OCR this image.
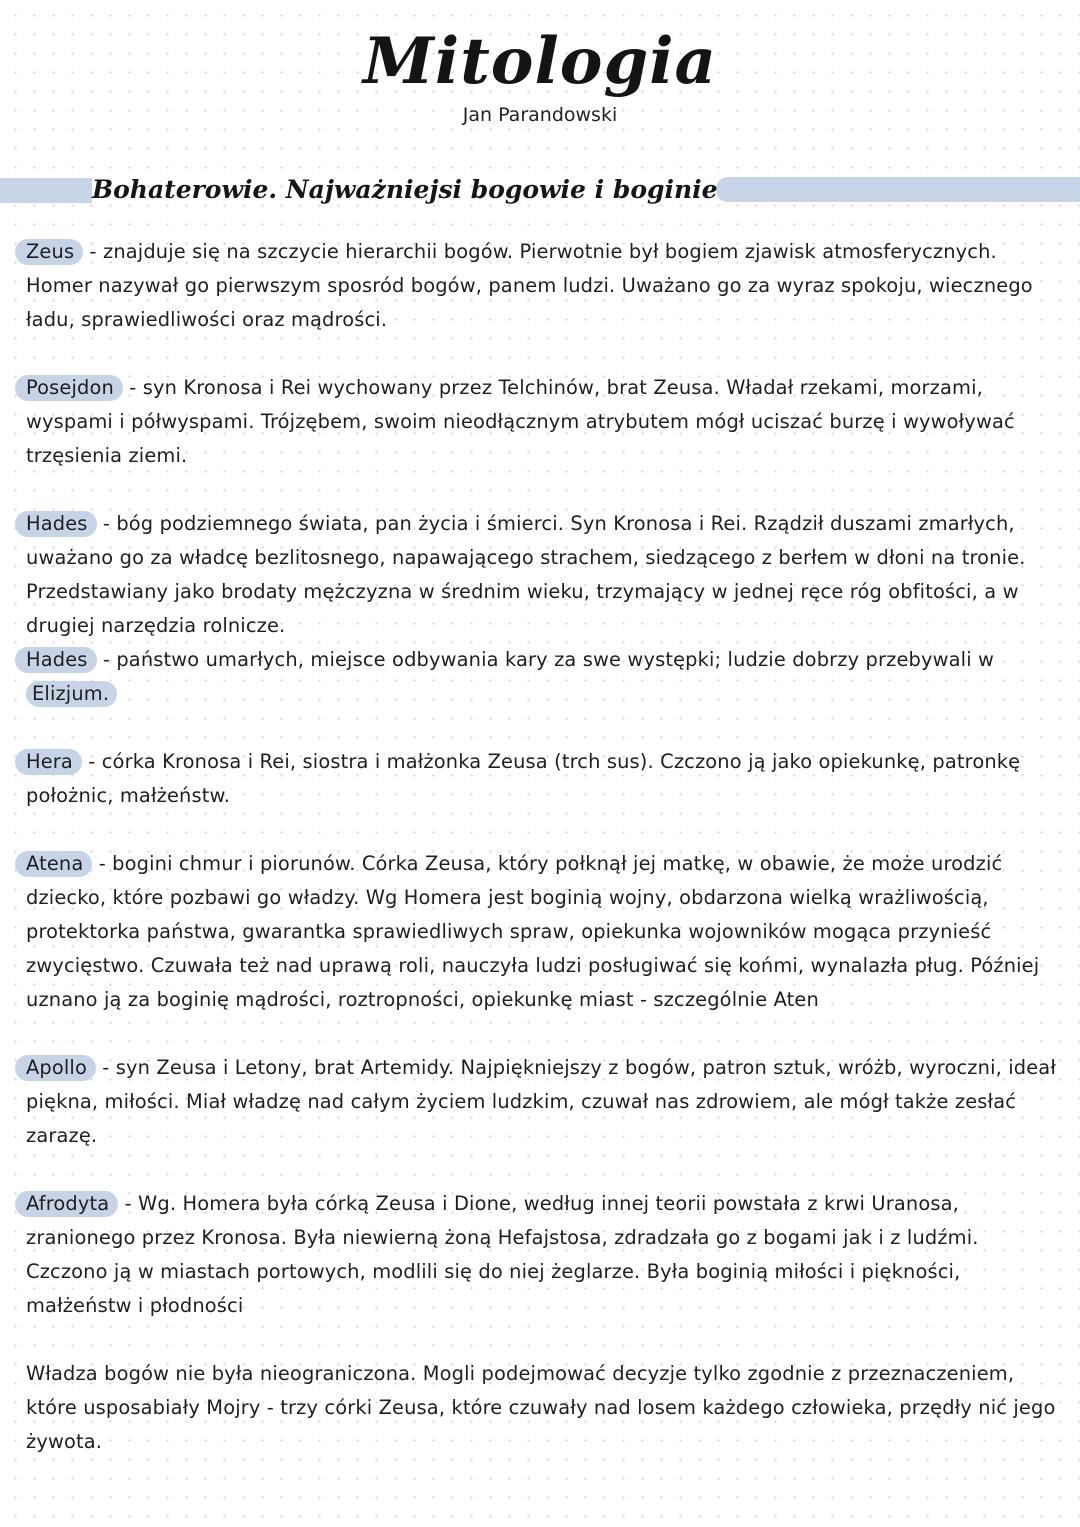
Mitologia
Jan Parandowski
Bohaterowie. Najważniejsi bogowie i boginie
Zeus - znajduje się na szczycie hierarchii bogów. Pierwotnie był bogiem zjawisk atmosferycznych. Homer nazywał go pierwszym sposród bogów, panem ludzi. Uważano go za wyraz spokoju, wiecznego ładu, sprawiedliwości oraz mądrości.
Posejdon - syn Kronosa i Rei wychowany przez Telchinów, brat Zeusa. Władał rzekami, morzami, wyspami i półwyspami. Trójzębem, swoim nieodłącznym atrybutem mógł uciszać burzę i wywoływać trzęsienia ziemi.
Hades - bóg podziemnego świata, pan życia i śmierci. Syn Kronosa i Rei. Rządził duszami zmarłych, uważano go za władcę bezlitosnego, napawającego strachem, siedzącego z berłem w dłoni na tronie. Przedstawiany jako brodaty mężczyzna w średnim wieku, trzymający w jednej ręce róg obfitości, a w drugiej narzędzia rolnicze.
Hades - państwo umarłych, miejsce odbywania kary za swe występki; ludzie dobrzy przebywali w Elizjum.
Hera - córka Kronosa i Rei, siostra i małżonka Zeusa (trch sus). Czczono ją jako opiekunkę, patronkę położnic, małżeństw.
Atena - bogini chmur i piorunów. Córka Zeusa, który połknął jej matkę, w obawie, że może urodzić dziecko, które pozbawi go władzy. Wg Homera jest boginią wojny, obdarzona wielką wrażliwością, protektorka państwa, gwarantka sprawiedliwych spraw, opiekunka wojowników mogąca przynieść zwycięstwo. Czuwała też nad uprawą roli, nauczyła ludzi posługiwać się końmi, wynalazła pług. Później uznano ją za boginię mądrości, roztropności, opiekunkę miast - szczególnie Aten
Apollo - syn Zeusa i Letony, brat Artemidy. Najpiękniejszy z bogów, patron sztuk, wróżb, wyroczni, ideał piękna, miłości. Miał władzę nad całym życiem ludzkim, czuwał nas zdrowiem, ale mógł także zesłać zarazę.
Afrodyta - Wg. Homera była córką Zeusa i Dione, według innej teorii powstała z krwi Uranosa, zranionego przez Kronosa. Była niewierną żoną Hefajstosa, zdradzała go z bogami jak i z ludźmi. Czczono ją w miastach portowych, modlili się do niej żeglarze. Była boginią miłości i piękności, małżeństw i płodności
Władza bogów nie była nieograniczona. Mogli podejmować decyzje tylko zgodnie z przeznaczeniem, które usposabiały Mojry - trzy córki Zeusa, które czuwały nad losem każdego człowieka, przędły nić jego żywota.
